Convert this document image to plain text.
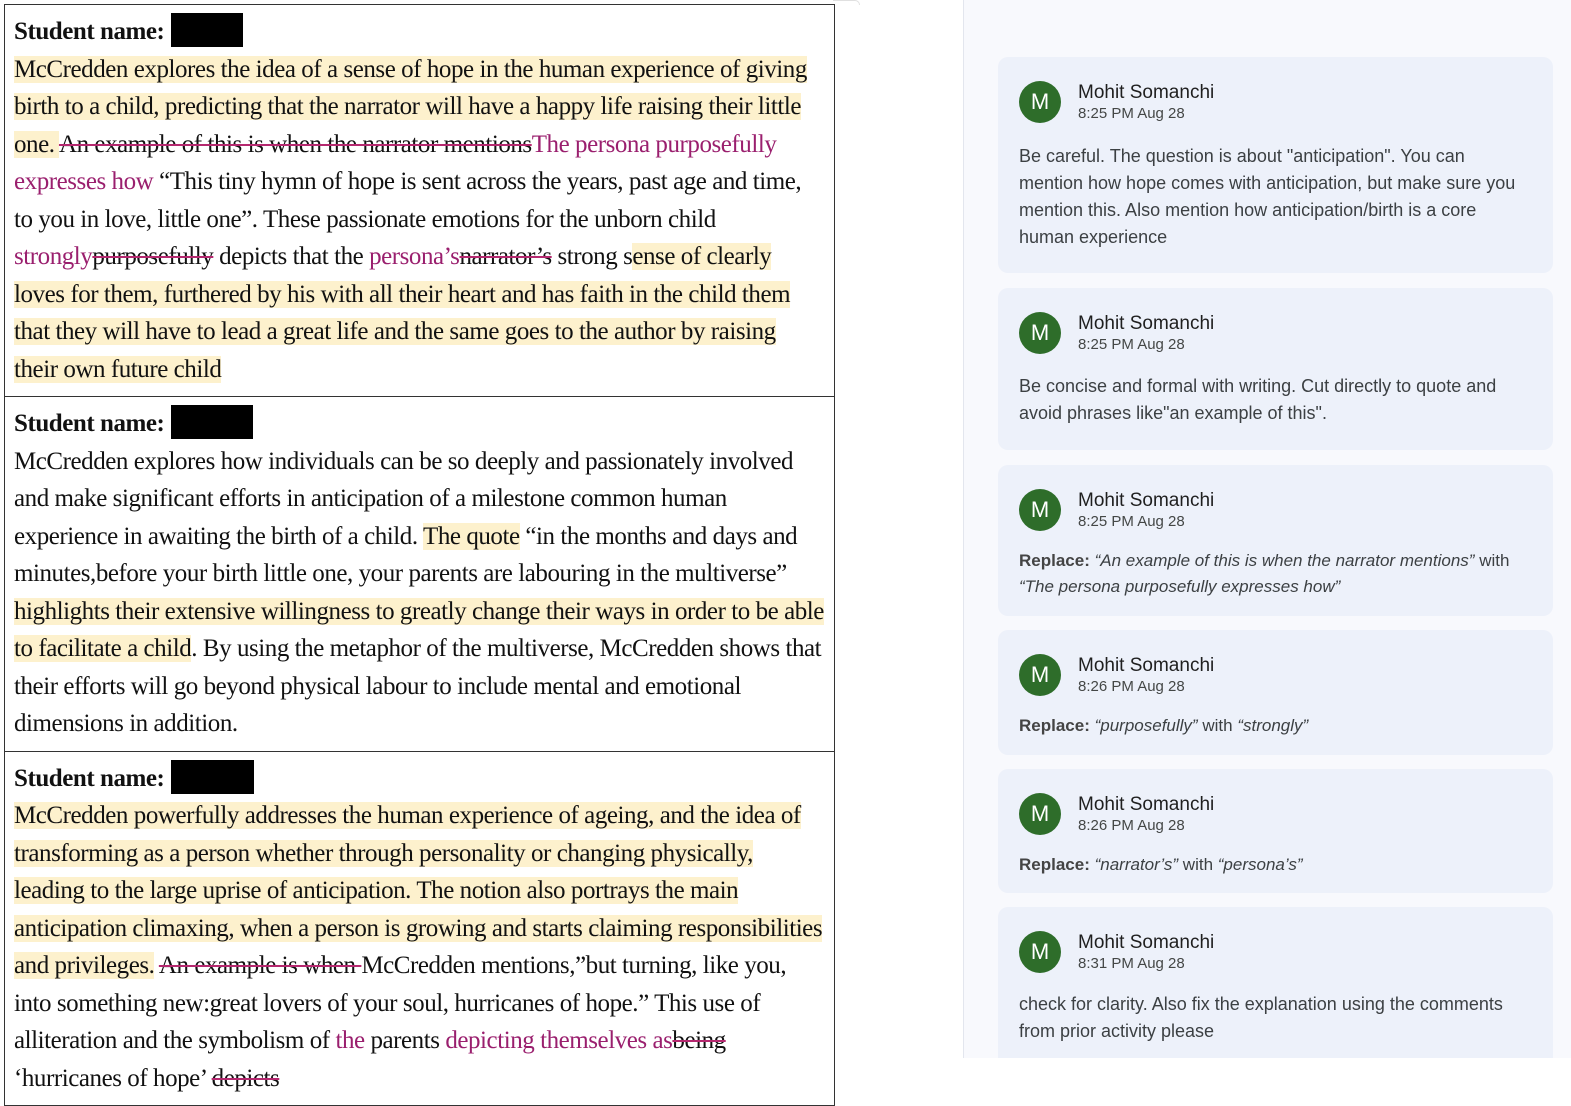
Student name:
McCredden explores the idea of a sense of hope in the human experience of giving birth to a child, predicting that the narrator will have a happy life raising their little one. An example of this is when the narrator mentionsThe persona purposefully expresses how “This tiny hymn of hope is sent across the years, past age and time, to you in love, little one”. These passionate emotions for the unborn child stronglypurposefully depicts that the persona’snarrator’s strong sense of clearly loves for them, furthered by his with all their heart and has faith in the child them that they will have to lead a great life and the same goes to the author by raising their own future child
Student name:
McCredden explores how individuals can be so deeply and passionately involved and make significant efforts in anticipation of a milestone common human experience in awaiting the birth of a child. The quote “in the months and days and minutes,before your birth little one, your parents are labouring in the multiverse” highlights their extensive willingness to greatly change their ways in order to be able to facilitate a child. By using the metaphor of the multiverse, McCredden shows that their efforts will go beyond physical labour to include mental and emotional dimensions in addition.
Student name:
McCredden powerfully addresses the human experience of ageing, and the idea of transforming as a person whether through personality or changing physically, leading to the large uprise of anticipation. The notion also portrays the main anticipation climaxing, when a person is growing and starts claiming responsibilities and privileges. An example is when McCredden mentions,”but turning, like you, into something new:great lovers of your soul, hurricanes of hope.” This use of alliteration and the symbolism of the parents depicting themselves asbeing ‘hurricanes of hope’ depicts
M	Mohit Somanchi
8:25 PM Aug 28
Be careful. The question is about "anticipation". You can mention how hope comes with anticipation, but make sure you mention this. Also mention how anticipation/birth is a core human experience
M	Mohit Somanchi
8:25 PM Aug 28
Be concise and formal with writing. Cut directly to quote and avoid phrases like"an example of this".
M	Mohit Somanchi
8:25 PM Aug 28
Replace: “An example of this is when the narrator mentions” with “The persona purposefully expresses how”
M	Mohit Somanchi
8:26 PM Aug 28
Replace: “purposefully” with “strongly”
M	Mohit Somanchi
8:26 PM Aug 28
Replace: “narrator’s” with “persona’s”
M	Mohit Somanchi
8:31 PM Aug 28
check for clarity. Also fix the explanation using the comments from prior activity please
